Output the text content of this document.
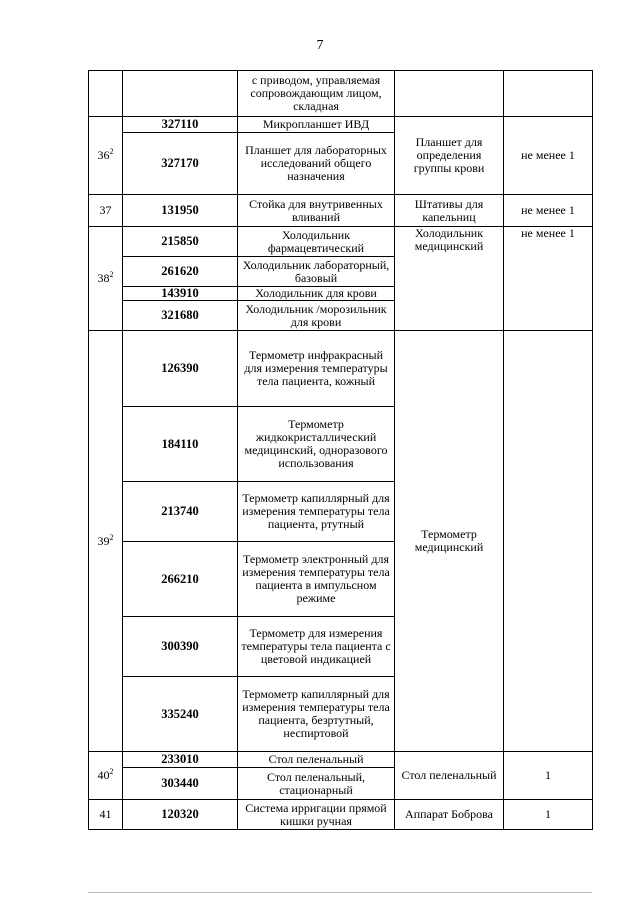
7
		с приводом, управляемая сопровождающим лицом, складная		
$36^2$	327110	Микропланшет ИВД	Планшет для определения группы крови	не менее 1
	327170	Планшет для лабораторных исследований общего назначения		
37	131950	Стойка для внутривенных вливаний	Штативы для капельниц	не менее 1
$38^2$	215850	Холодильник фармацевтический	Холодильник медицинский	не менее 1
	261620	Холодильник лабораторный, базовый		
	143910	Холодильник для крови		
	321680	Холодильник /морозильник для крови		
$39^2$	126390	Термометр инфракрасный для измерения температуры тела пациента, кожный	Термометр медицинский	
	184110	Термометр жидкокристаллический медицинский, одноразового использования		
	213740	Термометр капиллярный для измерения температуры тела пациента, ртутный		
	266210	Термометр электронный для измерения температуры тела пациента в импульсном режиме		
	300390	Термометр для измерения температуры тела пациента с цветовой индикацией		
	335240	Термометр капиллярный для измерения температуры тела пациента, безртутный, неспиртовой		
$40^2$	233010	Стол пеленальный	Стол пеленальный	1
	303440	Стол пеленальный, стационарный		
41	120320	Система ирригации прямой кишки ручная	Аппарат Боброва	1
